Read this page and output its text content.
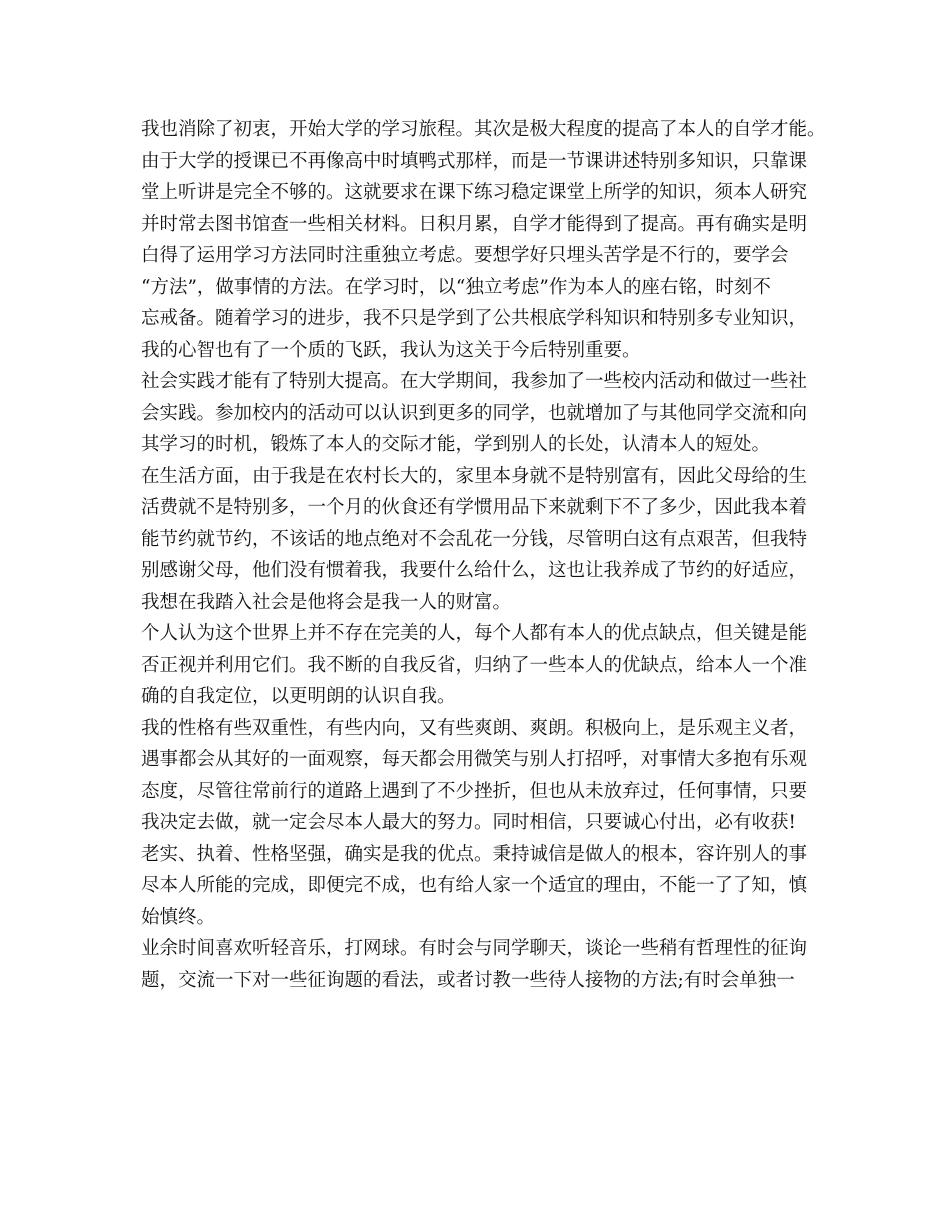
我也消除了初衷，开始大学的学习旅程。其次是极大程度的提高了本人的自学才能。
由于大学的授课已不再像高中时填鸭式那样，而是一节课讲述特别多知识，只靠课
堂上听讲是完全不够的。这就要求在课下练习稳定课堂上所学的知识，须本人研究
并时常去图书馆查一些相关材料。日积月累，自学才能得到了提高。再有确实是明
白得了运用学习方法同时注重独立考虑。要想学好只埋头苦学是不行的，要学会
“方法”，做事情的方法。在学习时，以“独立考虑”作为本人的座右铭，时刻不
忘戒备。随着学习的进步，我不只是学到了公共根底学科知识和特别多专业知识，
我的心智也有了一个质的飞跃，我认为这关于今后特别重要。
社会实践才能有了特别大提高。在大学期间，我参加了一些校内活动和做过一些社
会实践。参加校内的活动可以认识到更多的同学，也就增加了与其他同学交流和向
其学习的时机，锻炼了本人的交际才能，学到别人的长处，认清本人的短处。
在生活方面，由于我是在农村长大的，家里本身就不是特别富有，因此父母给的生
活费就不是特别多，一个月的伙食还有学惯用品下来就剩下不了多少，因此我本着
能节约就节约，不该话的地点绝对不会乱花一分钱，尽管明白这有点艰苦，但我特
别感谢父母，他们没有惯着我，我要什么给什么，这也让我养成了节约的好适应，
我想在我踏入社会是他将会是我一人的财富。
个人认为这个世界上并不存在完美的人，每个人都有本人的优点缺点，但关键是能
否正视并利用它们。我不断的自我反省，归纳了一些本人的优缺点，给本人一个准
确的自我定位，以更明朗的认识自我。
我的性格有些双重性，有些内向，又有些爽朗、爽朗。积极向上，是乐观主义者，
遇事都会从其好的一面观察，每天都会用微笑与别人打招呼，对事情大多抱有乐观
态度，尽管往常前行的道路上遇到了不少挫折，但也从未放弃过，任何事情，只要
我决定去做，就一定会尽本人最大的努力。同时相信，只要诚心付出，必有收获!
老实、执着、性格坚强，确实是我的优点。秉持诚信是做人的根本，容许别人的事
尽本人所能的完成，即便完不成，也有给人家一个适宜的理由，不能一了了知，慎
始慎终。
业余时间喜欢听轻音乐，打网球。有时会与同学聊天，谈论一些稍有哲理性的征询
题，交流一下对一些征询题的看法，或者讨教一些待人接物的方法;有时会单独一
